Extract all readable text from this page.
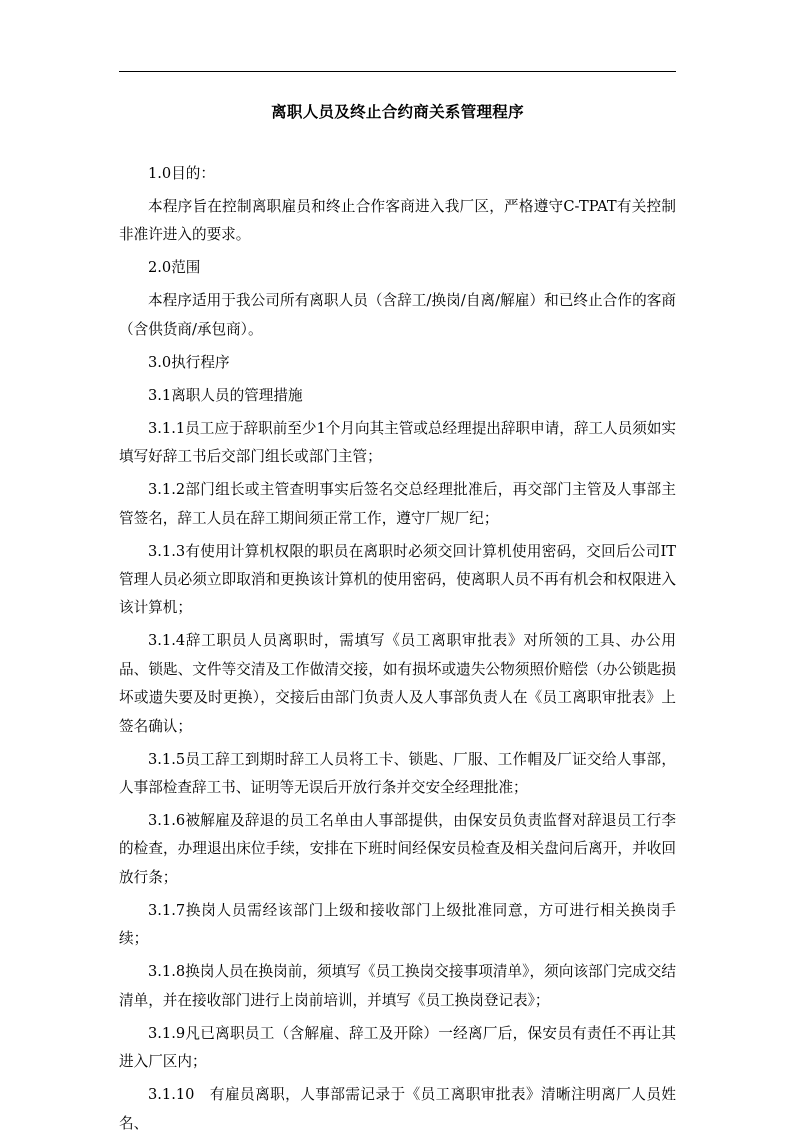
离职人员及终止合约商关系管理程序

1.0目的：

本程序旨在控制离职雇员和终止合作客商进入我厂区，严格遵守C-TPAT有关控制非准许进入的要求。

2.0范围

本程序适用于我公司所有离职人员（含辞工/换岗/自离/解雇）和已终止合作的客商（含供货商/承包商）。

3.0执行程序

3.1离职人员的管理措施

3.1.1员工应于辞职前至少1个月向其主管或总经理提出辞职申请，辞工人员须如实填写好辞工书后交部门组长或部门主管；

3.1.2部门组长或主管查明事实后签名交总经理批准后，再交部门主管及人事部主管签名，辞工人员在辞工期间须正常工作，遵守厂规厂纪；

3.1.3有使用计算机权限的职员在离职时必须交回计算机使用密码，交回后公司IT管理人员必须立即取消和更换该计算机的使用密码，使离职人员不再有机会和权限进入该计算机；

3.1.4辞工职员人员离职时，需填写《员工离职审批表》对所领的工具、办公用品、锁匙、文件等交清及工作做清交接，如有损坏或遗失公物须照价赔偿（办公锁匙损坏或遗失要及时更换），交接后由部门负责人及人事部负责人在《员工离职审批表》上签名确认；

3.1.5员工辞工到期时辞工人员将工卡、锁匙、厂服、工作帽及厂证交给人事部，人事部检查辞工书、证明等无误后开放行条并交安全经理批准；

3.1.6被解雇及辞退的员工名单由人事部提供，由保安员负责监督对辞退员工行李的检查，办理退出床位手续，安排在下班时间经保安员检查及相关盘问后离开，并收回放行条；

3.1.7换岗人员需经该部门上级和接收部门上级批准同意，方可进行相关换岗手续；

3.1.8换岗人员在换岗前，须填写《员工换岗交接事项清单》，须向该部门完成交结清单，并在接收部门进行上岗前培训，并填写《员工换岗登记表》；

3.1.9凡已离职员工（含解雇、辞工及开除）一经离厂后，保安员有责任不再让其进入厂区内；

3.1.10　有雇员离职，人事部需记录于《员工离职审批表》清晰注明离厂人员姓名、
